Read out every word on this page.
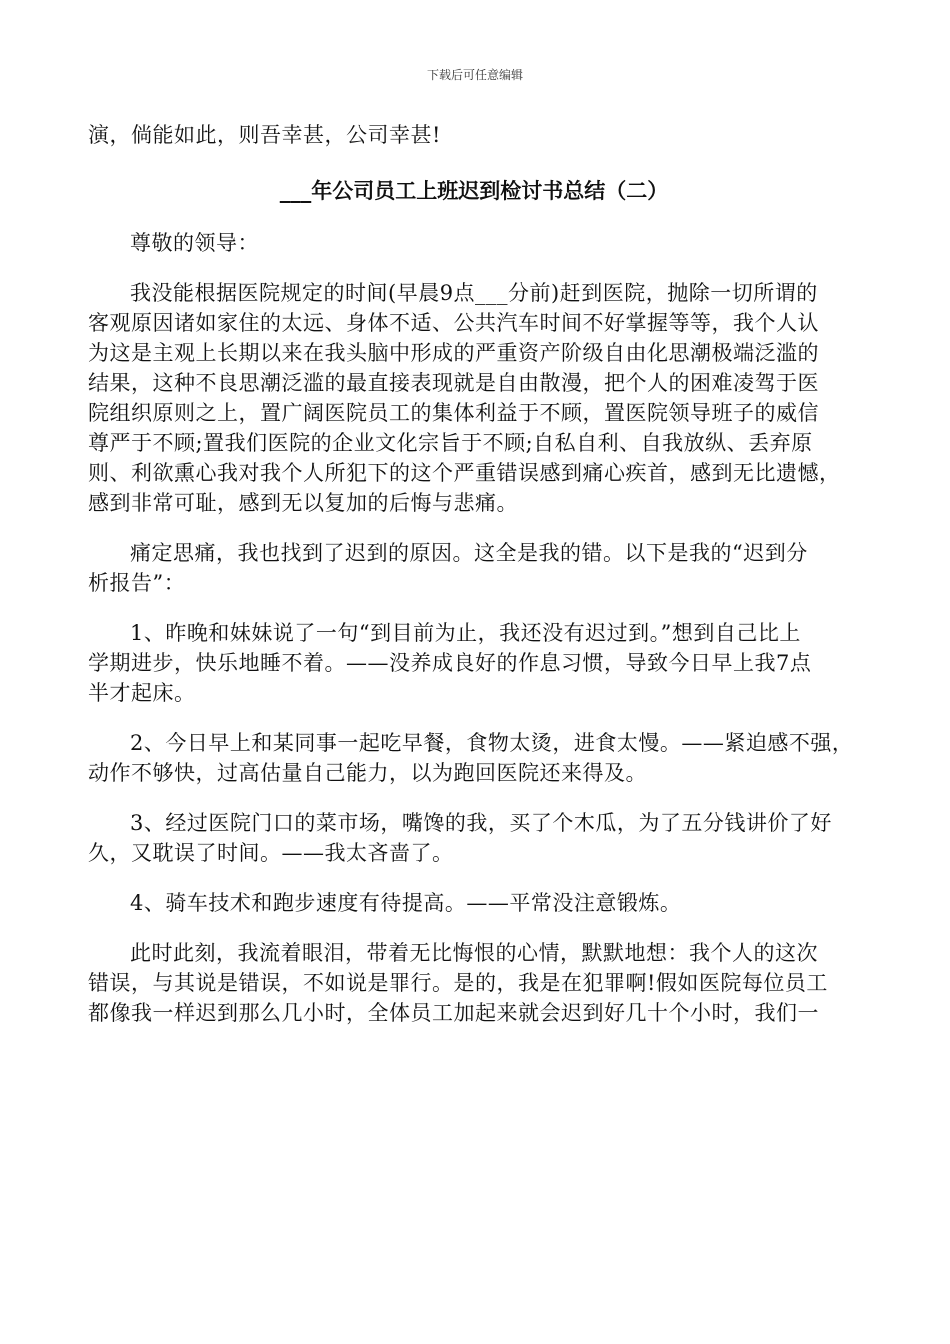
下载后可任意编辑
演，倘能如此，则吾幸甚，公司幸甚!
___年公司员工上班迟到检讨书总结（二）
尊敬的领导：
我没能根据医院规定的时间(早晨9点___分前)赶到医院，抛除一切所谓的
客观原因诸如家住的太远、身体不适、公共汽车时间不好掌握等等，我个人认
为这是主观上长期以来在我头脑中形成的严重资产阶级自由化思潮极端泛滥的
结果，这种不良思潮泛滥的最直接表现就是自由散漫，把个人的困难凌驾于医
院组织原则之上，置广阔医院员工的集体利益于不顾，置医院领导班子的威信
尊严于不顾;置我们医院的企业文化宗旨于不顾;自私自利、自我放纵、丢弃原
则、利欲熏心我对我个人所犯下的这个严重错误感到痛心疾首，感到无比遗憾，
感到非常可耻，感到无以复加的后悔与悲痛。
痛定思痛，我也找到了迟到的原因。这全是我的错。以下是我的“迟到分
析报告”：
1、昨晚和妹妹说了一句“到目前为止，我还没有迟过到。”想到自己比上
学期进步，快乐地睡不着。——没养成良好的作息习惯，导致今日早上我7点
半才起床。
2、今日早上和某同事一起吃早餐，食物太烫，进食太慢。——紧迫感不强，
动作不够快，过高估量自己能力，以为跑回医院还来得及。
3、经过医院门口的菜市场，嘴馋的我，买了个木瓜，为了五分钱讲价了好
久，又耽误了时间。——我太吝啬了。
4、骑车技术和跑步速度有待提高。——平常没注意锻炼。
此时此刻，我流着眼泪，带着无比悔恨的心情，默默地想：我个人的这次
错误，与其说是错误，不如说是罪行。是的，我是在犯罪啊!假如医院每位员工
都像我一样迟到那么几小时，全体员工加起来就会迟到好几十个小时，我们一
